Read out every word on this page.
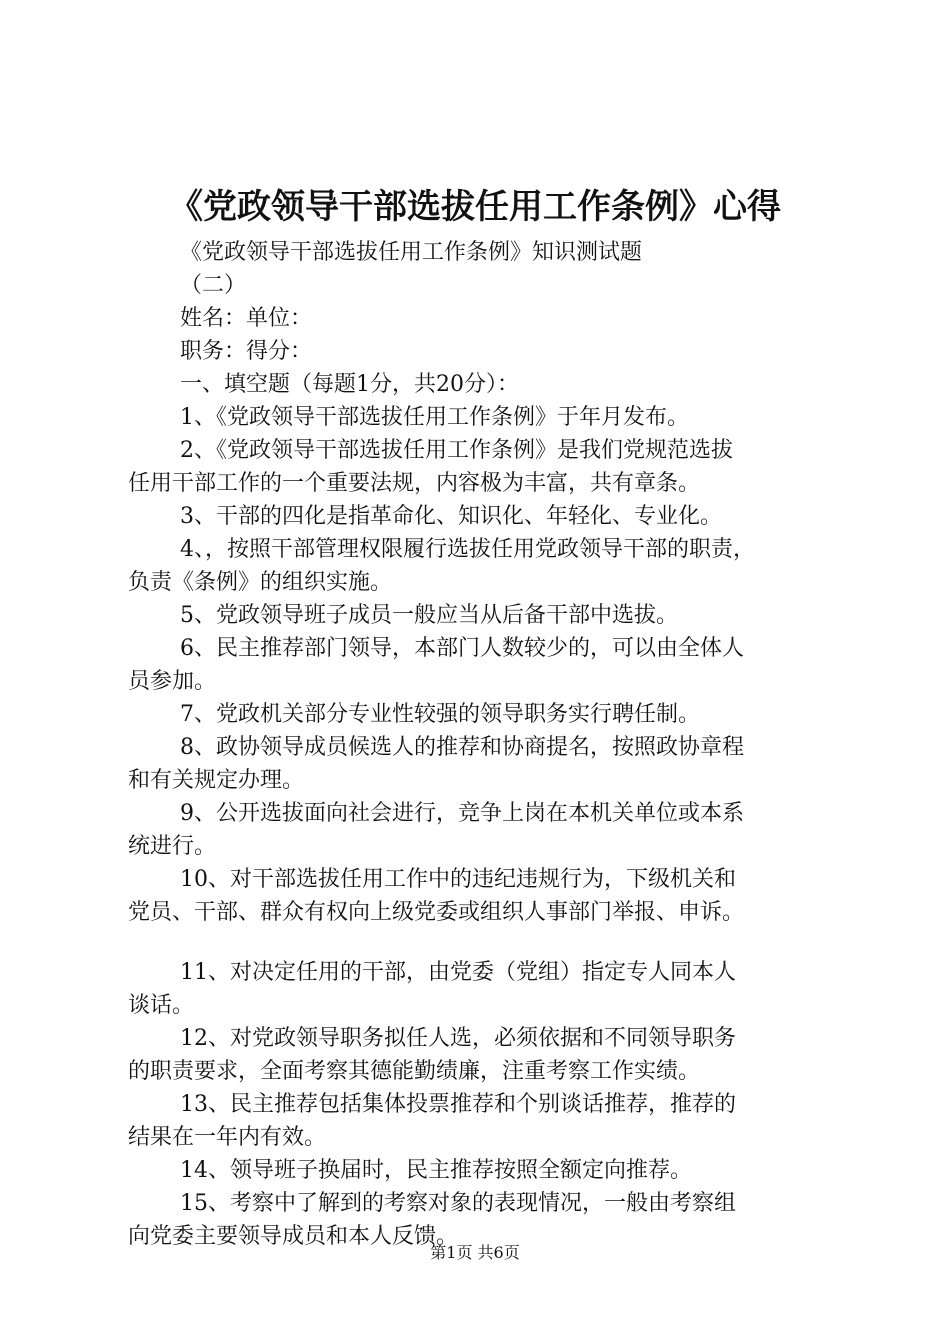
《党政领导干部选拔任用工作条例》心得
《党政领导干部选拔任用工作条例》知识测试题
（二）
姓名：单位：
职务：得分：
一、填空题（每题1分，共20分）：
1、《党政领导干部选拔任用工作条例》于年月发布。
2、《党政领导干部选拔任用工作条例》是我们党规范选拔
任用干部工作的一个重要法规，内容极为丰富，共有章条。
3、干部的四化是指革命化、知识化、年轻化、专业化。
4、，按照干部管理权限履行选拔任用党政领导干部的职责，
负责《条例》的组织实施。
5、党政领导班子成员一般应当从后备干部中选拔。
6、民主推荐部门领导，本部门人数较少的，可以由全体人
员参加。
7、党政机关部分专业性较强的领导职务实行聘任制。
8、政协领导成员候选人的推荐和协商提名，按照政协章程
和有关规定办理。
9、公开选拔面向社会进行，竞争上岗在本机关单位或本系
统进行。
10、对干部选拔任用工作中的违纪违规行为，下级机关和
党员、干部、群众有权向上级党委或组织人事部门举报、申诉。
11、对决定任用的干部，由党委（党组）指定专人同本人
谈话。
12、对党政领导职务拟任人选，必须依据和不同领导职务
的职责要求，全面考察其德能勤绩廉，注重考察工作实绩。
13、民主推荐包括集体投票推荐和个别谈话推荐，推荐的
结果在一年内有效。
14、领导班子换届时，民主推荐按照全额定向推荐。
15、考察中了解到的考察对象的表现情况，一般由考察组
向党委主要领导成员和本人反馈。
第1页 共6页
